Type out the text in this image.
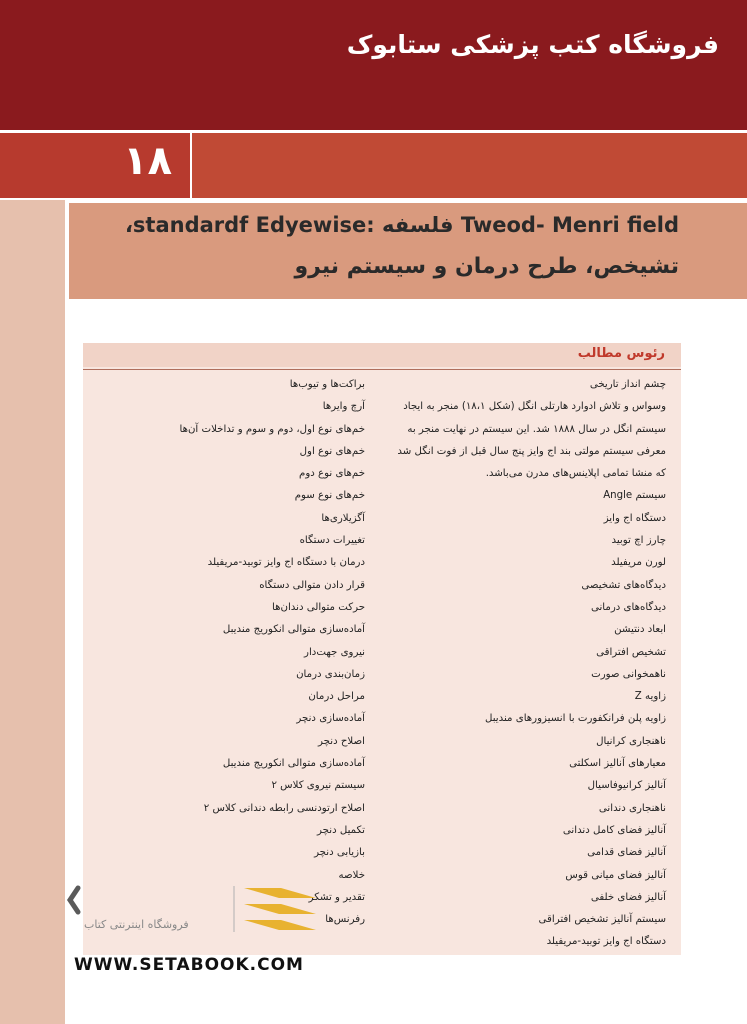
فروشگاه کتب پزشکی ستابوک
۱۸
Tweod- Menri field فلسفه :standardf Edyewise،
تشیخص، طرح درمان و سیستم نیرو
رئوس مطالب
چشم انداز تاریخی
وسواس و تلاش ادوارد هارتلی انگل (شکل ۱۸،۱) منجر به ایجاد
سیستم انگل در سال ۱۸۸۸ شد. این سیستم در نهایت منجر به
معرفی سیستم مولتی بند اج وایز پنج سال قبل از فوت انگل شد
که منشا تمامی اپلاینس‌های مدرن می‌باشد.
سیستم Angle
دستگاه اج وایز
چارز اچ توبید
لورن مریفیلد
دیدگاه‌های تشخیصی
دیدگاه‌های درمانی
ابعاد دنتیشن
تشخیص افتراقی
ناهمخوانی صورت
زاویه Z
زاویه پلن فرانکفورت با انسیزورهای مندیبل
ناهنجاری کرانیال
معیارهای آنالیز اسکلتی
آنالیز کرانیوفاسیال
ناهنجاری دندانی
آنالیز فضای کامل دندانی
آنالیز فضای قدامی
آنالیز فضای میانی قوس
آنالیز فضای خلفی
سیستم آنالیز تشخیص افتراقی
دستگاه اج وایز توبید-مریفیلد
براکت‌ها و تیوب‌ها
آرچ وایرها
خم‌های نوع اول، دوم و سوم و تداخلات آن‌ها
خم‌های نوع اول
خم‌های نوع دوم
خم‌های نوع سوم
آگزیلاری‌ها
تغییرات دستگاه
درمان با دستگاه اج وایز توبید-مریفیلد
قرار دادن متوالی دستگاه
حرکت متوالی دندان‌ها
آماده‌سازی متوالی انکوریج مندیبل
نیروی جهت‌دار
زمان‌بندی درمان
مراحل درمان
آماده‌سازی دنچر
اصلاح دنچر
آماده‌سازی متوالی انکوریج مندیبل
سیستم نیروی کلاس ۲
اصلاح ارتودنسی رابطه دندانی کلاس ۲
تکمیل دنچر
بازیابی دنچر
خلاصه
تقدیر و تشکر
رفرنس‌ها
فروشگاه اینترنتی کتاب
WWW.SETABOOK.COM
